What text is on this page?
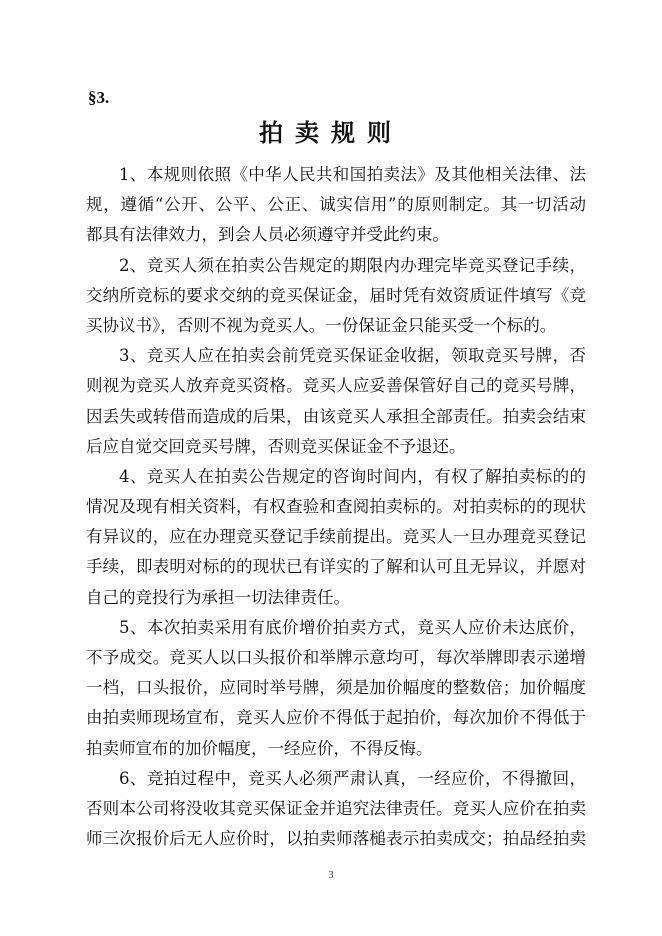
§3.
拍卖规则
1、本规则依照《中华人民共和国拍卖法》及其他相关法律、法
规，遵循“公开、公平、公正、诚实信用”的原则制定。其一切活动
都具有法律效力，到会人员必须遵守并受此约束。
2、竞买人须在拍卖公告规定的期限内办理完毕竞买登记手续，
交纳所竞标的要求交纳的竞买保证金，届时凭有效资质证件填写《竞
买协议书》，否则不视为竞买人。一份保证金只能买受一个标的。
3、竞买人应在拍卖会前凭竞买保证金收据，领取竞买号牌，否
则视为竞买人放弃竞买资格。竞买人应妥善保管好自己的竞买号牌，
因丢失或转借而造成的后果，由该竞买人承担全部责任。拍卖会结束
后应自觉交回竞买号牌，否则竞买保证金不予退还。
4、竞买人在拍卖公告规定的咨询时间内，有权了解拍卖标的的
情况及现有相关资料，有权查验和查阅拍卖标的。对拍卖标的的现状
有异议的，应在办理竞买登记手续前提出。竞买人一旦办理竞买登记
手续，即表明对标的的现状已有详实的了解和认可且无异议，并愿对
自己的竞投行为承担一切法律责任。
5、本次拍卖采用有底价增价拍卖方式，竞买人应价未达底价，
不予成交。竞买人以口头报价和举牌示意均可，每次举牌即表示递增
一档，口头报价，应同时举号牌，须是加价幅度的整数倍；加价幅度
由拍卖师现场宣布，竞买人应价不得低于起拍价，每次加价不得低于
拍卖师宣布的加价幅度，一经应价，不得反悔。
6、竞拍过程中，竞买人必须严肃认真，一经应价，不得撤回，
否则本公司将没收其竞买保证金并追究法律责任。竞买人应价在拍卖
师三次报价后无人应价时，以拍卖师落槌表示拍卖成交；拍品经拍卖
3
